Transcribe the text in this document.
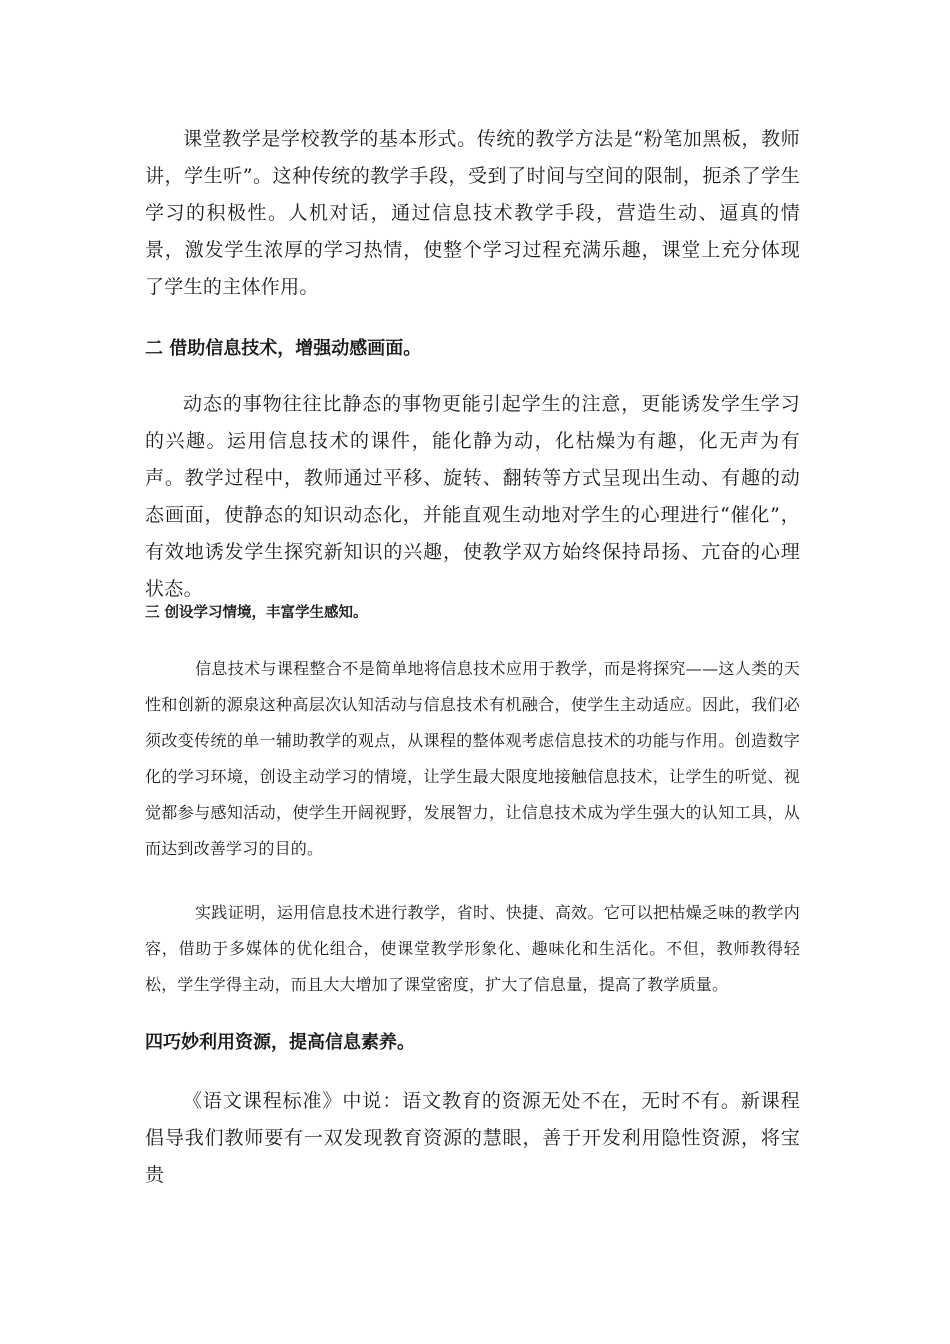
课堂教学是学校教学的基本形式。传统的教学方法是“粉笔加黑板，教师讲，学生听”。这种传统的教学手段，受到了时间与空间的限制，扼杀了学生学习的积极性。人机对话，通过信息技术教学手段，营造生动、逼真的情景，激发学生浓厚的学习热情，使整个学习过程充满乐趣，课堂上充分体现了学生的主体作用。

二 借助信息技术，增强动感画面。

动态的事物往往比静态的事物更能引起学生的注意，更能诱发学生学习的兴趣。运用信息技术的课件，能化静为动，化枯燥为有趣，化无声为有声。教学过程中，教师通过平移、旋转、翻转等方式呈现出生动、有趣的动态画面，使静态的知识动态化，并能直观生动地对学生的心理进行“催化”，有效地诱发学生探究新知识的兴趣，使教学双方始终保持昂扬、亢奋的心理状态。

三 创设学习情境，丰富学生感知。

信息技术与课程整合不是简单地将信息技术应用于教学，而是将探究——这人类的天性和创新的源泉这种高层次认知活动与信息技术有机融合，使学生主动适应。因此，我们必须改变传统的单一辅助教学的观点，从课程的整体观考虑信息技术的功能与作用。创造数字化的学习环境，创设主动学习的情境，让学生最大限度地接触信息技术，让学生的听觉、视觉都参与感知活动，使学生开阔视野，发展智力，让信息技术成为学生强大的认知工具，从而达到改善学习的目的。

实践证明，运用信息技术进行教学，省时、快捷、高效。它可以把枯燥乏味的教学内容，借助于多媒体的优化组合，使课堂教学形象化、趣味化和生活化。不但，教师教得轻松，学生学得主动，而且大大增加了课堂密度，扩大了信息量，提高了教学质量。

四巧妙利用资源，提高信息素养。

《语文课程标准》中说：语文教育的资源无处不在，无时不有。新课程倡导我们教师要有一双发现教育资源的慧眼，善于开发利用隐性资源，将宝贵
